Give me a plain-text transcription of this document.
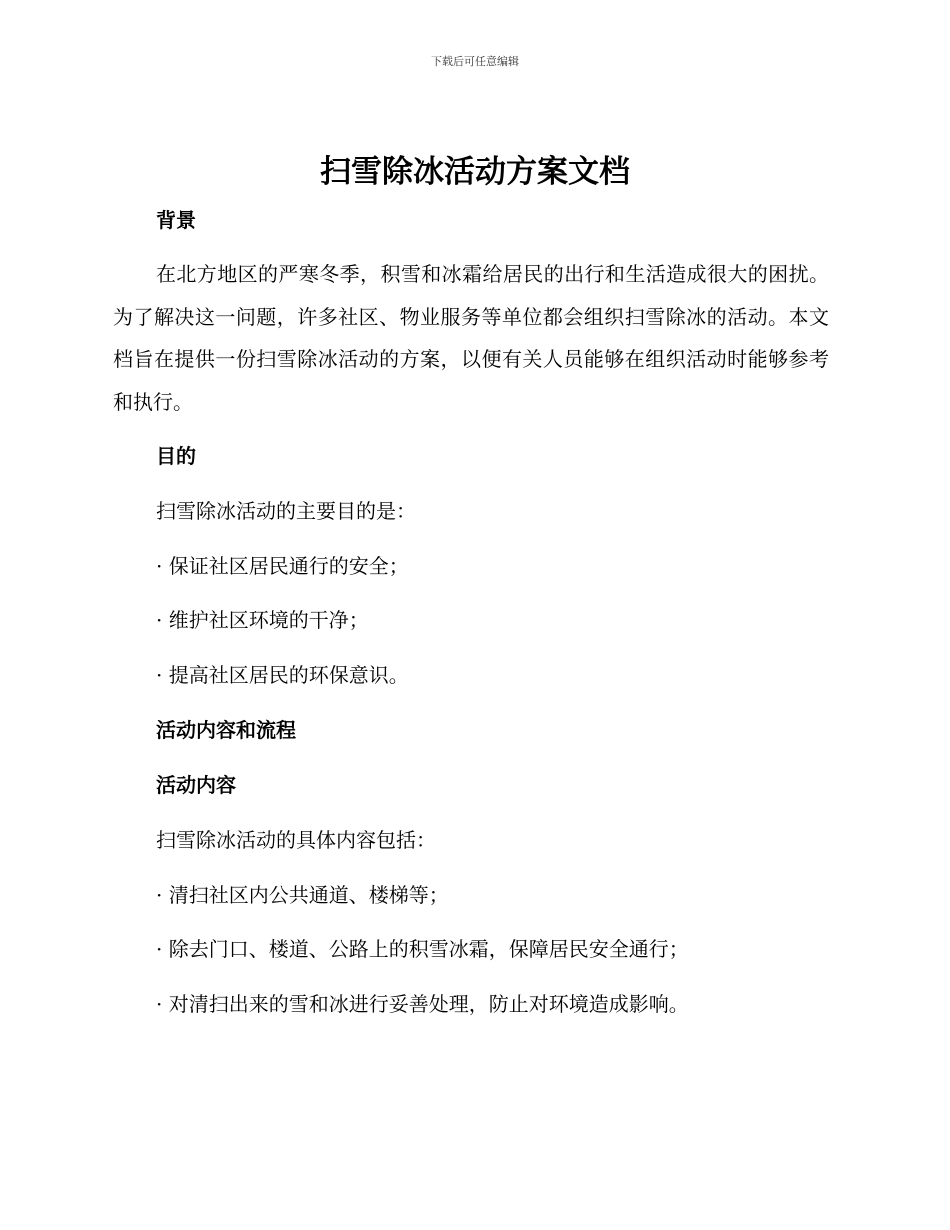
下载后可任意编辑
扫雪除冰活动方案文档
背景

在北方地区的严寒冬季，积雪和冰霜给居民的出行和生活造成很大的困扰。为了解决这一问题，许多社区、物业服务等单位都会组织扫雪除冰的活动。本文档旨在提供一份扫雪除冰活动的方案，以便有关人员能够在组织活动时能够参考和执行。

目的

扫雪除冰活动的主要目的是：

· 保证社区居民通行的安全；

· 维护社区环境的干净；

· 提高社区居民的环保意识。

活动内容和流程
活动内容

扫雪除冰活动的具体内容包括：

· 清扫社区内公共通道、楼梯等；

· 除去门口、楼道、公路上的积雪冰霜，保障居民安全通行；

· 对清扫出来的雪和冰进行妥善处理，防止对环境造成影响。
